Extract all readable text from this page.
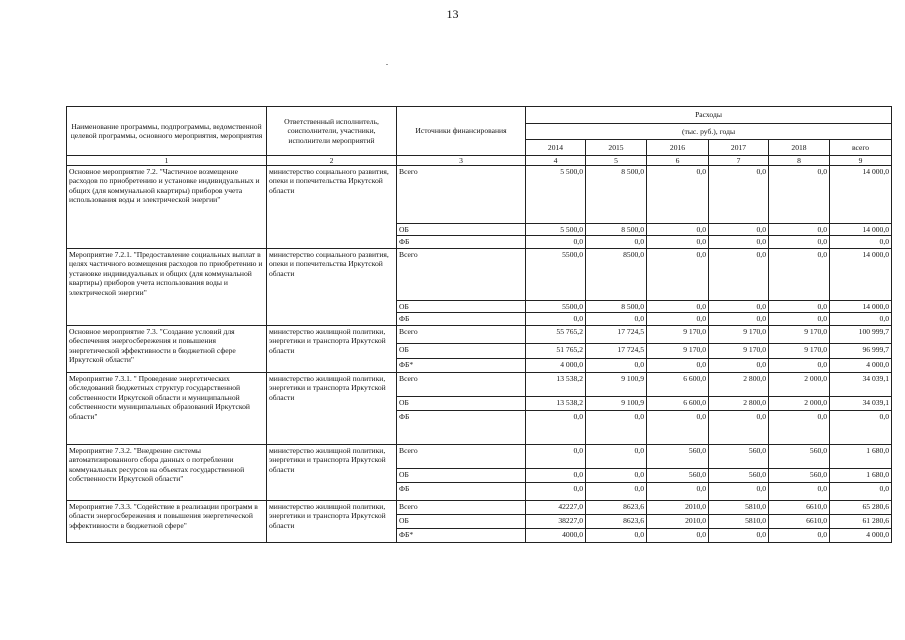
13
Наименование программы, подпрограммы, ведомственной целевой программы, основного мероприятия, мероприятия	Ответственный исполнитель, соисполнители, участники, исполнители мероприятий	Источники финансирования	Расходы					
			(тыс. руб.), годы					
			2014	2015	2016	2017	2018	всего
1	2	3	4	5	6	7	8	9
Основное мероприятие 7.2. "Частичное возмещение расходов по приобретению и установке индивидуальных и общих (для коммунальной квартиры) приборов учета использования воды и электрической энергии"	министерство социального развития, опеки и попечительства Иркутской области	Всего	5 500,0	8 500,0	0,0	0,0	0,0	14 000,0
		ОБ	5 500,0	8 500,0	0,0	0,0	0,0	14 000,0
		ФБ	0,0	0,0	0,0	0,0	0,0	0,0
Мероприятие 7.2.1. "Предоставление социальных выплат в целях частичного возмещения расходов по приобретению и установке индивидуальных и общих (для коммунальной квартиры) приборов учета использования воды и электрической энергии"	министерство социального развития, опеки и попечительства Иркутской области	Всего	5500,0	8500,0	0,0	0,0	0,0	14 000,0
		ОБ	5500,0	8 500,0	0,0	0,0	0,0	14 000,0
		ФБ	0,0	0,0	0,0	0,0	0,0	0,0
Основное мероприятие 7.3. "Создание условий для обеспечения энергосбережения и повышения энергетической эффективности в бюджетной сфере Иркутской области"	министерство жилищной политики, энергетики и транспорта Иркутской области	Всего	55 765,2	17 724,5	9 170,0	9 170,0	9 170,0	100 999,7
		ОБ	51 765,2	17 724,5	9 170,0	9 170,0	9 170,0	96 999,7
		ФБ*	4 000,0	0,0	0,0	0,0	0,0	4 000,0
Мероприятие 7.3.1. " Проведение энергетических обследований бюджетных структур государственной собственности Иркутской области и муниципальной собственности муниципальных образований Иркутской области"	министерство жилищной политики, энергетики и транспорта Иркутской области	Всего	13 538,2	9 100,9	6 600,0	2 800,0	2 000,0	34 039,1
		ОБ	13 538,2	9 100,9	6 600,0	2 800,0	2 000,0	34 039,1
		ФБ	0,0	0,0	0,0	0,0	0,0	0,0
Мероприятие 7.3.2. "Внедрение системы автоматизированного сбора данных о потреблении коммунальных ресурсов на объектах государственной собственности Иркутской области"	министерство жилищной политики, энергетики и транспорта Иркутской области	Всего	0,0	0,0	560,0	560,0	560,0	1 680,0
		ОБ	0,0	0,0	560,0	560,0	560,0	1 680,0
		ФБ	0,0	0,0	0,0	0,0	0,0	0,0
Мероприятие 7.3.3. "Содействие в реализации программ в области энергосбережения и повышения энергетической эффективности в бюджетной сфере"	министерство жилищной политики, энергетики и транспорта Иркутской области	Всего	42227,0	8623,6	2010,0	5810,0	6610,0	65 280,6
		ОБ	38227,0	8623,6	2010,0	5810,0	6610,0	61 280,6
		ФБ*	4000,0	0,0	0,0	0,0	0,0	4 000,0
